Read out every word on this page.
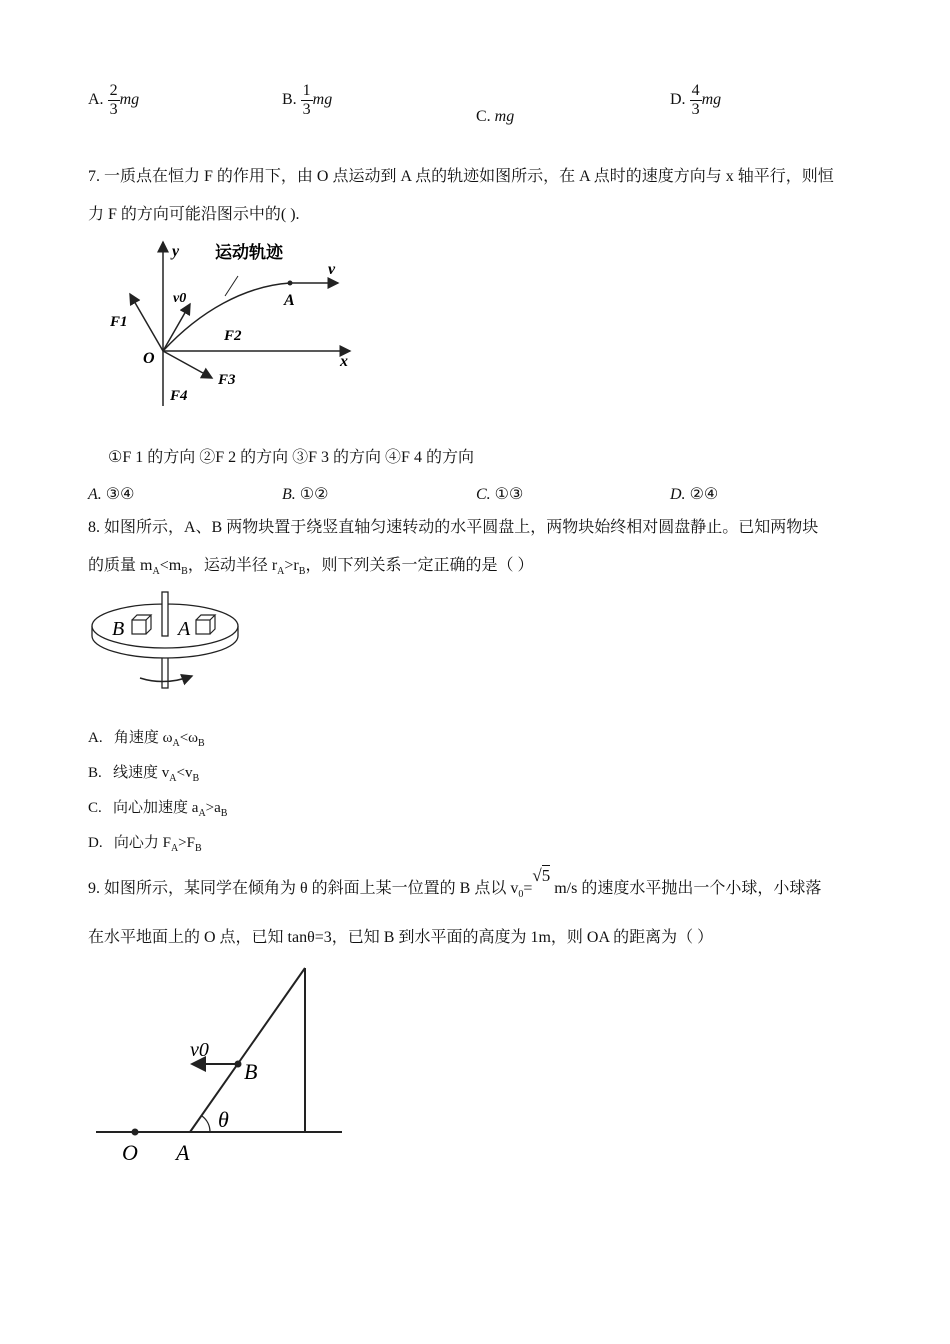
A. $\frac{2}{3}$ mg	B. $\frac{1}{3}$ mg
C. mg
D. $\frac{4}{3}$ mg
7. 一质点在恒力 F 的作用下，由 O 点运动到 A 点的轨迹如图所示，在 A 点时的速度方向与 x 轴平行，则恒
力 F 的方向可能沿图示中的( ).
运动轨迹
y
x
v
v0	A
O
F1
F2
F3
F4
①F 1 的方向 ②F 2 的方向 ③F 3 的方向 ④F 4 的方向
A. ③④	B. ①②	C. ①③	D. ②④
8. 如图所示，A、B 两物块置于绕竖直轴匀速转动的水平圆盘上，两物块始终相对圆盘静止。已知两物块
的质量 $m_A<m_B$，运动半径 $r_A>r_B$，则下列关系一定正确的是（ ）
B	A
A. 角速度 $\omega_A<\omega_B$
B. 线速度 $v_A<v_B$
C. 向心加速度 $a_A>a_B$
D. 向心力 $F_A>F_B$
9. 如图所示，某同学在倾角为 θ 的斜面上某一位置的 B 点以 $v_0=√5$ m/s 的速度水平抛出一个小球，小球落
在水平地面上的 O 点，已知 tanθ=3，已知 B 到水平面的高度为 1m，则 OA 的距离为（ ）
v0
B
θ
O A
